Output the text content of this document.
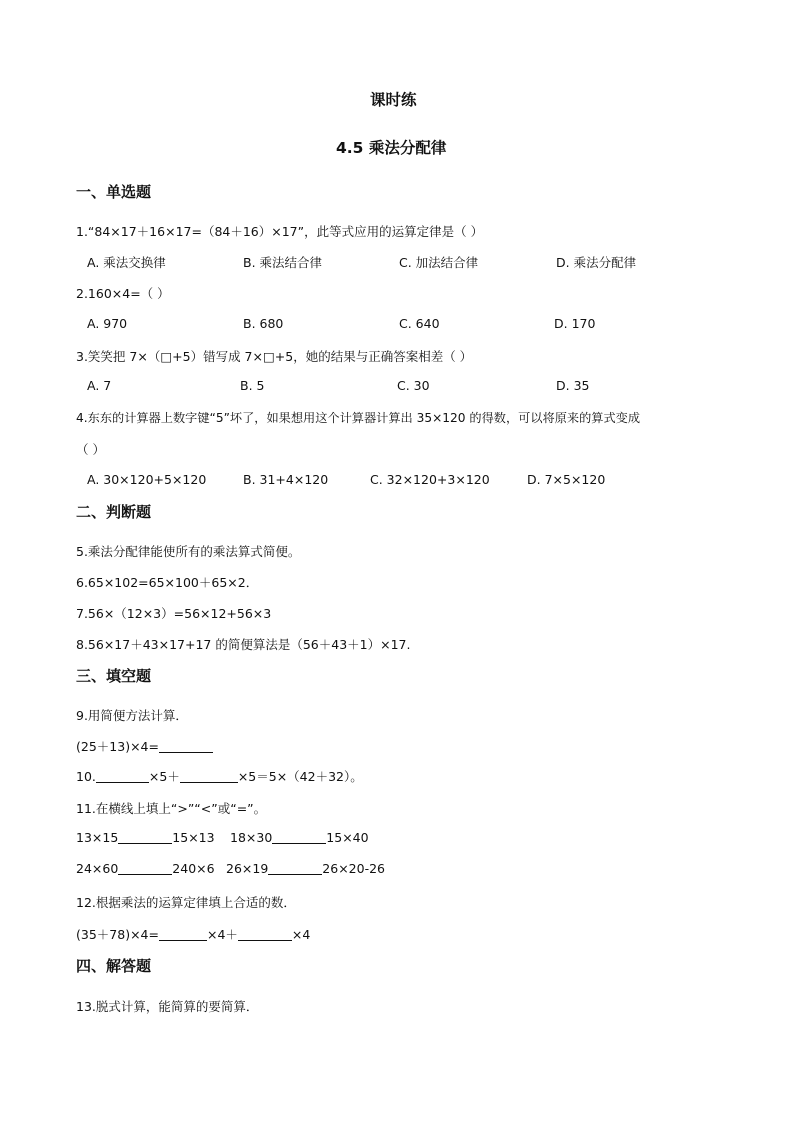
课时练
4.5 乘法分配律
一、单选题
1.“84×17＋16×17=（84＋16）×17”，此等式应用的运算定律是（ ）
A. 乘法交换律	B. 乘法结合律	C. 加法结合律	D. 乘法分配律
2.160×4=（ ）
A. 970	B. 680	C. 640	D. 170
3.笑笑把 7×（□+5）错写成 7×□+5，她的结果与正确答案相差（ ）
A. 7	B. 5	C. 30	D. 35
4.东东的计算器上数字键“5”坏了，如果想用这个计算器计算出 35×120 的得数，可以将原来的算式变成
（ ）
A. 30×120+5×120	B. 31+4×120	C. 32×120+3×120	D. 7×5×120
二、判断题
5.乘法分配律能使所有的乘法算式简便。
6.65×102=65×100＋65×2．
7.56×（12×3）=56×12+56×3
8.56×17＋43×17+17 的简便算法是（56＋43＋1）×17.
三、填空题
9.用简便方法计算．
(25＋13)×4=
10.	×5＋	×5＝5×（42＋32）。
11.在横线上填上“>”“<”或“=”。
13×15	15×13 18×30	15×40
24×60	240×6 26×19	26×20-26
12.根据乘法的运算定律填上合适的数．
(35＋78)×4=	×4＋	×4
四、解答题
13.脱式计算，能简算的要简算．
